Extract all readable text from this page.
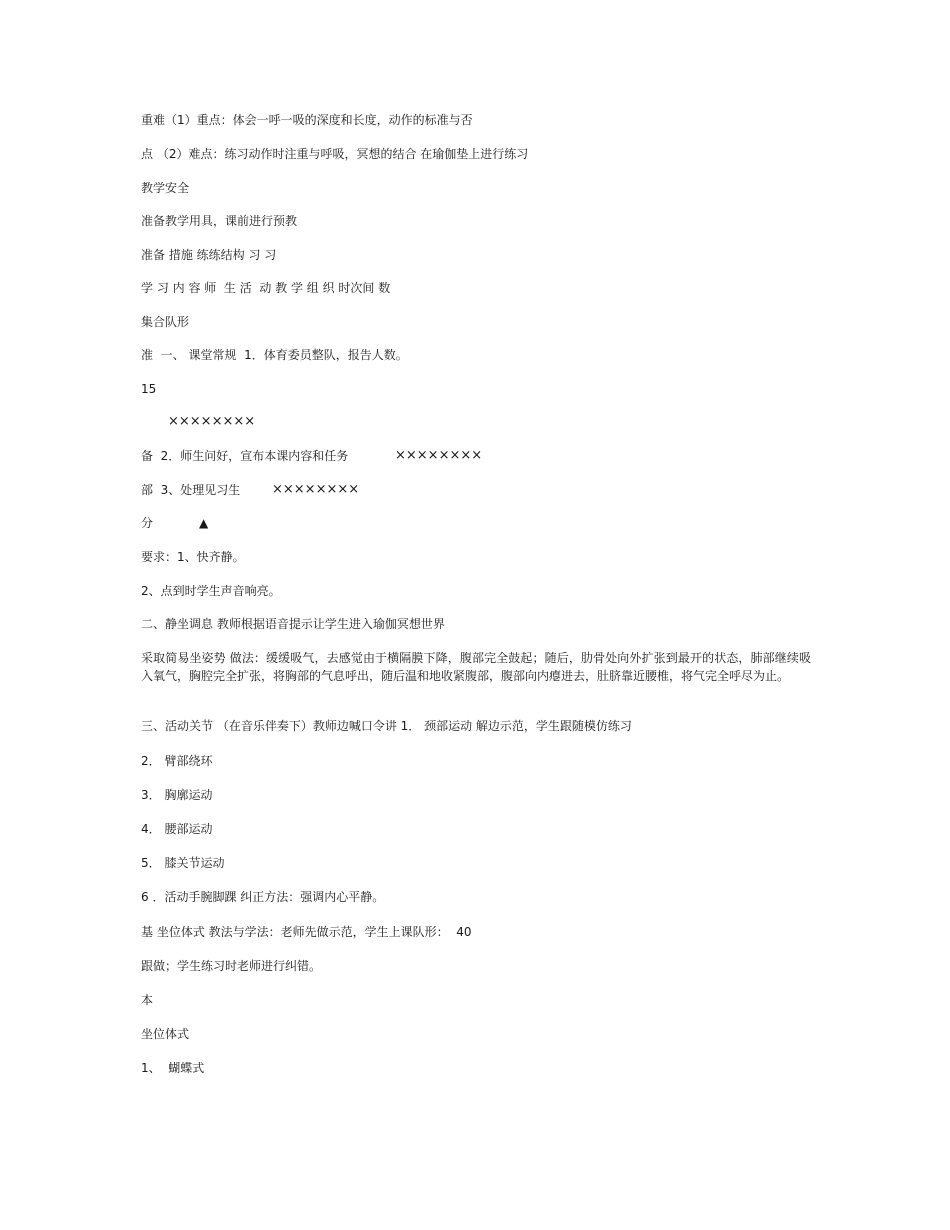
重难（1）重点：体会一呼一吸的深度和长度，动作的标准与否

点 （2）难点：练习动作时注重与呼吸，冥想的结合 在瑜伽垫上进行练习

教学安全

准备教学用具，课前进行预教

准备 措施 练练结构 习 习

学 习 内 容 师  生 活  动 教 学 组 织 时次间 数

集合队形

准  一、 课堂常规  1．体育委员整队，报告人数。

15

××××××××
备  2．师生问好，宣布本课内容和任务	××××××××
部  3、处理见习生 ××××××××
分	▲

要求：1、快齐静。

2、点到时学生声音响亮。

二、静坐调息 教师根据语音提示让学生进入瑜伽冥想世界

采取简易坐姿势 做法：缓缓吸气，去感觉由于横隔膜下降，腹部完全鼓起；随后，肋骨处向外扩张到最开的状态，肺部继续吸入氧气，胸腔完全扩张，将胸部的气息呼出，随后温和地收紧腹部，腹部向内瘪进去，肚脐靠近腰椎，将气完全呼尽为止。

三、活动关节 （在音乐伴奏下）教师边喊口令讲 1． 颈部运动 解边示范，学生跟随模仿练习

2． 臂部绕环

3． 胸廓运动

4． 腰部运动

5． 膝关节运动

6 ．活动手腕脚踝 纠正方法：强调内心平静。

基 坐位体式 教法与学法：老师先做示范，学生上课队形：  40

跟做；学生练习时老师进行纠错。

本

坐位体式

1、  蝴蝶式
